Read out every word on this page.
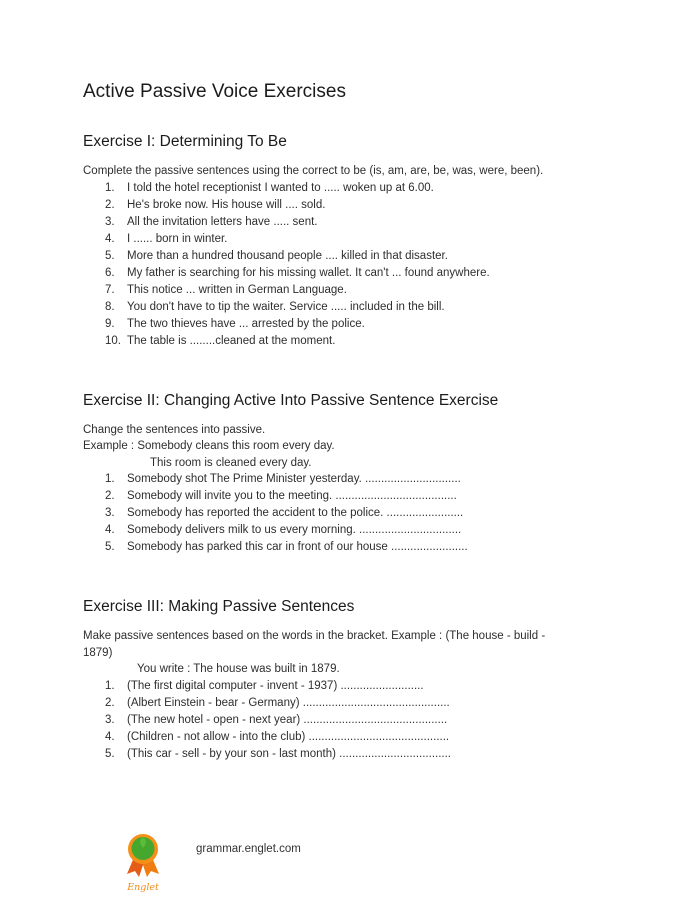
Active Passive Voice Exercises
Exercise I: Determining To Be

Complete the passive sentences using the correct to be (is, am, are, be, was, were, been).

I told the hotel receptionist I wanted to ..... woken up at 6.00.
He's broke now. His house will .... sold.
All the invitation letters have ..... sent.
I ...... born in winter.
More than a hundred thousand people .... killed in that disaster.
My father is searching for his missing wallet. It can't ... found anywhere.
This notice ... written in German Language.
You don't have to tip the waiter. Service ..... included in the bill.
The two thieves have ... arrested by the police.
The table is ........cleaned at the moment.
Exercise II: Changing Active Into Passive Sentence Exercise

Change the sentences into passive.

Example : Somebody cleans this room every day.

This room is cleaned every day.

Somebody shot The Prime Minister yesterday. ..............................
Somebody will invite you to the meeting. ......................................
Somebody has reported the accident to the police. ........................
Somebody delivers milk to us every morning. ................................
Somebody has parked this car in front of our house ........................
Exercise III: Making Passive Sentences

Make passive sentences based on the words in the bracket. Example : (The house - build -

1879)

You write : The house was built in 1879.

(The first digital computer - invent - 1937) ..........................
(Albert Einstein - bear - Germany) ..............................................
(The new hotel - open - next year) .............................................
(Children - not allow - into the club) ............................................
(This car - sell - by your son - last month) ...................................
Englet
grammar.englet.com
